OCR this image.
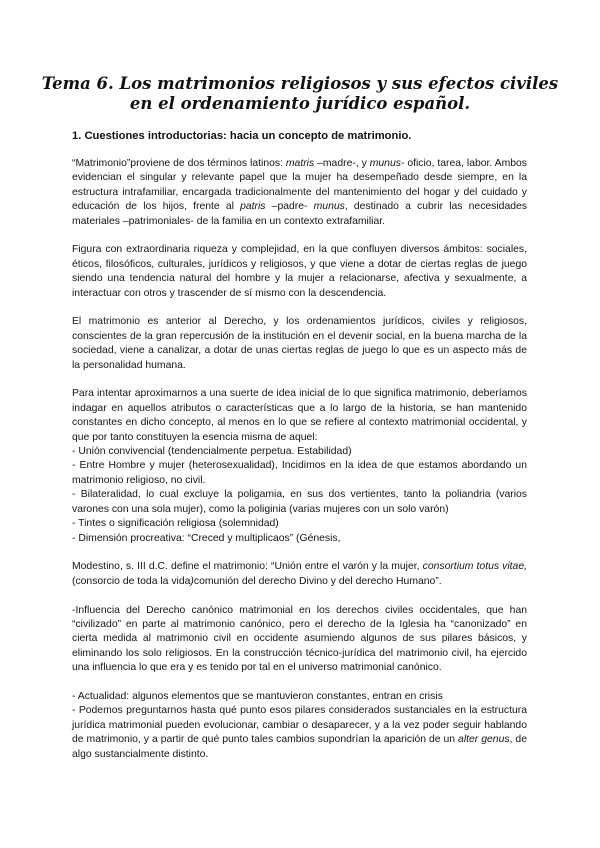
Tema 6. Los matrimonios religiosos y sus efectos civiles
en el ordenamiento jurídico español.
1. Cuestiones introductorias: hacia un concepto de matrimonio.

“Matrimonio”proviene de dos términos latinos: matris –madre-, y munus- oficio, tarea, labor. Ambos evidencian el singular y relevante papel que la mujer ha desempeñado desde siempre, en la estructura intrafamiliar, encargada tradicionalmente del mantenimiento del hogar y del cuidado y educación de los hijos, frente al patris –padre- munus, destinado a cubrir las necesidades materiales –patrimoniales- de la familia en un contexto extrafamiliar.

Figura con extraordinaria riqueza y complejidad, en la que confluyen diversos ámbitos: sociales, éticos, filosóficos, culturales, jurídicos y religiosos, y que viene a dotar de ciertas reglas de juego siendo una tendencia natural del hombre y la mujer a relacionarse, afectiva y sexualmente, a interactuar con otros y trascender de sí mismo con la descendencia.

El matrimonio es anterior al Derecho, y los ordenamientos jurídicos, civiles y religiosos, conscientes de la gran repercusión de la institución en el devenir social, en la buena marcha de la sociedad, viene a canalizar, a dotar de unas ciertas reglas de juego lo que es un aspecto más de la personalidad humana.

Para intentar aproximarnos a una suerte de idea inicial de lo que significa matrimonio, deberíamos indagar en aquellos atributos o características que a lo largo de la historia, se han mantenido constantes en dicho concepto, al menos en lo que se refiere al contexto matrimonial occidental, y que por tanto constituyen la esencia misma de aquel:

- Unión convivencial (tendencialmente perpetua. Estabilidad)
- Entre Hombre y mujer (heterosexualidad), Incidimos en la idea de que estamos abordando un matrimonio religioso, no civil.
- Bilateralidad, lo cual excluye la poligamia, en sus dos vertientes, tanto la poliandria (varios varones con una sola mujer), como la poliginia (varias mujeres con un solo varón)
- Tintes o significación religiosa (solemnidad)
- Dimensión procreativa: “Creced y multiplicaos” (Génesis,

Modestino, s. III d.C. define el matrimonio: “Unión entre el varón y la mujer, consortium totus vitae,(consorcio de toda la vida)comunión del derecho Divino y del derecho Humano”.

-Influencia del Derecho canónico matrimonial en los derechos civiles occidentales, que han “civilizado” en parte al matrimonio canónico, pero el derecho de la Iglesia ha “canonizado” en cierta medida al matrimonio civil en occidente asumiendo algunos de sus pilares básicos, y eliminando los solo religiosos. En la construcción técnico-jurídica del matrimonio civil, ha ejercido una influencia lo que era y es tenido por tal en el universo matrimonial canónico.

- Actualidad: algunos elementos que se mantuvieron constantes, entran en crisis
- Podemos preguntarnos hasta qué punto esos pilares considerados sustanciales en la estructura jurídica matrimonial pueden evolucionar, cambiar o desaparecer, y a la vez poder seguir hablando de matrimonio, y a partir de qué punto tales cambios supondrían la aparición de un alter genus, de algo sustancialmente distinto.
